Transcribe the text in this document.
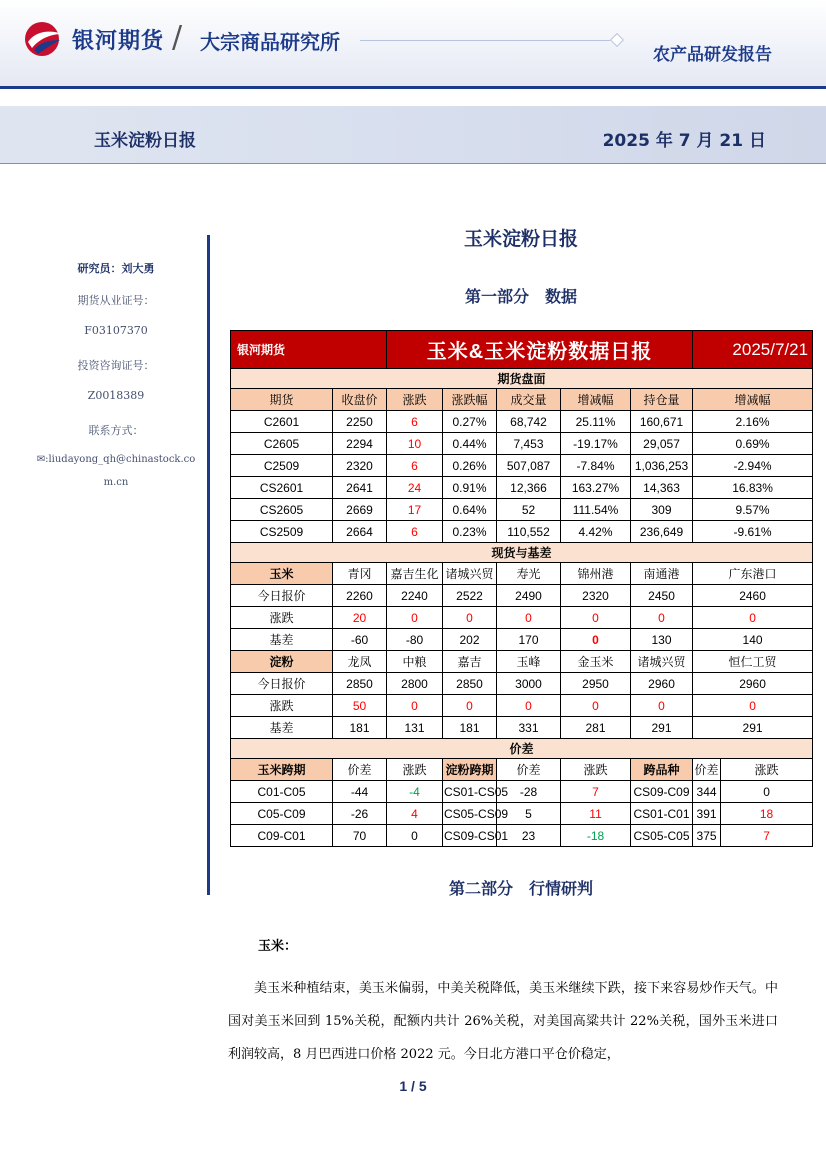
银河期货 / 大宗商品研究所
农产品研发报告
玉米淀粉日报	2025 年 7 月 21 日
研究员：刘大勇
期货从业证号：
F03107370
投资咨询证号：
Z0018389
联系方式：
✉:liudayong_qh@chinastock.co
m.cn
玉米淀粉日报
第一部分　数据
银河期货		玉米&玉米淀粉数据日报					2025/7/21	
期货盘面								
期货	收盘价	涨跌	涨跌幅	成交量	增减幅	持仓量	增减幅	
C2601	2250	6	0.27%	68,742	25.11%	160,671	2.16%	
C2605	2294	10	0.44%	7,453	-19.17%	29,057	0.69%	
C2509	2320	6	0.26%	507,087	-7.84%	1,036,253	-2.94%	
CS2601	2641	24	0.91%	12,366	163.27%	14,363	16.83%	
CS2605	2669	17	0.64%	52	111.54%	309	9.57%	
CS2509	2664	6	0.23%	110,552	4.42%	236,649	-9.61%	
现货与基差								
玉米	青冈	嘉吉生化	诸城兴贸	寿光	锦州港	南通港	广东港口	
今日报价	2260	2240	2522	2490	2320	2450	2460	
涨跌	20	0	0	0	0	0	0	
基差	-60	-80	202	170	0	130	140	
淀粉	龙凤	中粮	嘉吉	玉峰	金玉米	诸城兴贸	恒仁工贸	
今日报价	2850	2800	2850	3000	2950	2960	2960	
涨跌	50	0	0	0	0	0	0	
基差	181	131	181	331	281	291	291	
价差								
玉米跨期	价差	涨跌	淀粉跨期	价差	涨跌	跨品种	价差	涨跌
C01-C05	-44	-4	CS01-CS05	-28	7	CS09-C09	344	0
C05-C09	-26	4	CS05-CS09	5	11	CS01-C01	391	18
C09-C01	70	0	CS09-CS01	23	-18	CS05-C05	375	7
第二部分　行情研判
玉米：
美玉米种植结束，美玉米偏弱，中美关税降低，美玉米继续下跌，接下来容易炒作天气。中国对美玉米回到 15%关税，配额内共计 26%关税，对美国高粱共计 22%关税，国外玉米进口利润较高，8 月巴西进口价格 2022 元。今日北方港口平仓价稳定，
1 / 5
